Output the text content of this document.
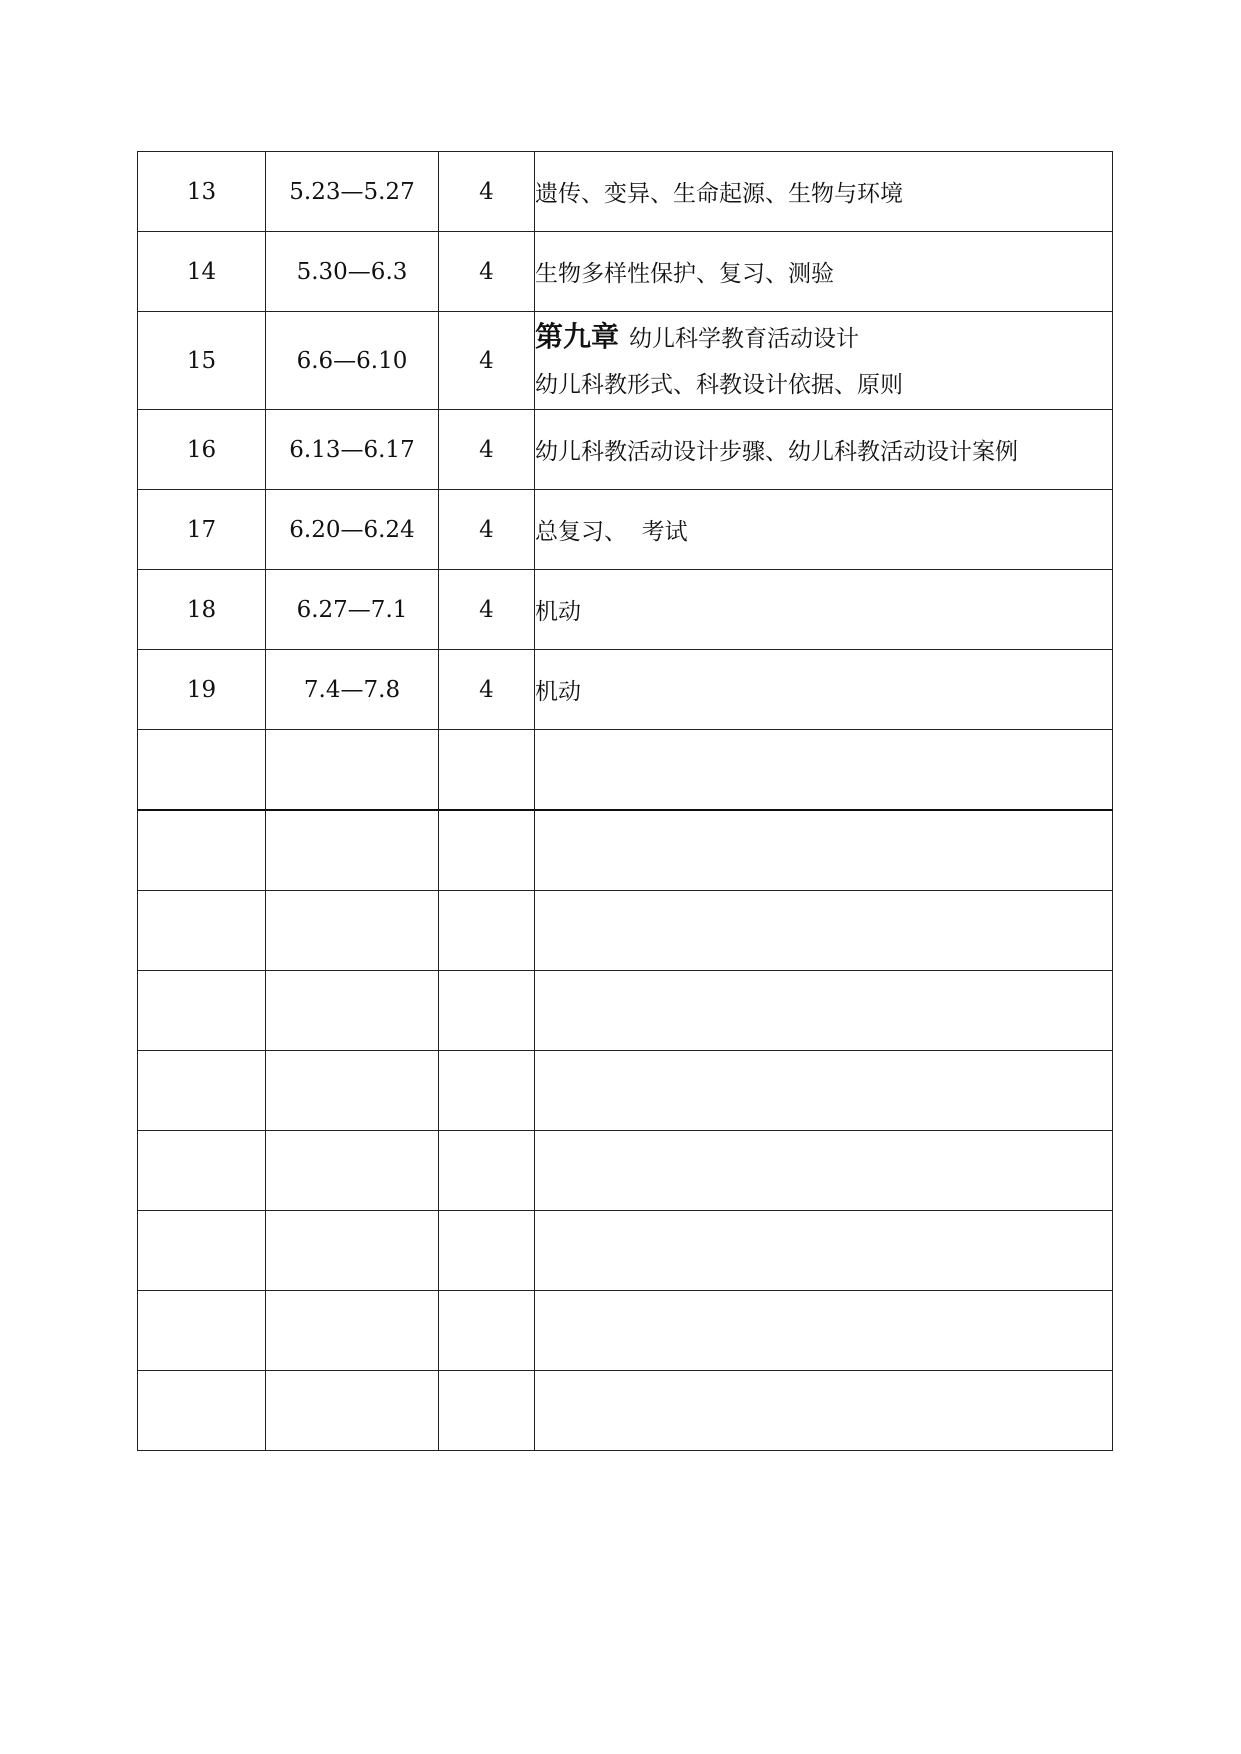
13	5.23—5.27	4	遗传、变异、生命起源、生物与环境
14	5.30—6.3	4	生物多样性保护、复习、测验
15	6.6—6.10	4	第九章 幼儿科学教育活动设计
幼儿科教形式、科教设计依据、原则

16	6.13—6.17	4	幼儿科教活动设计步骤、幼儿科教活动设计案例
17	6.20—6.24	4	总复习、  考试
18	6.27—7.1	4	机动
19	7.4—7.8	4	机动
